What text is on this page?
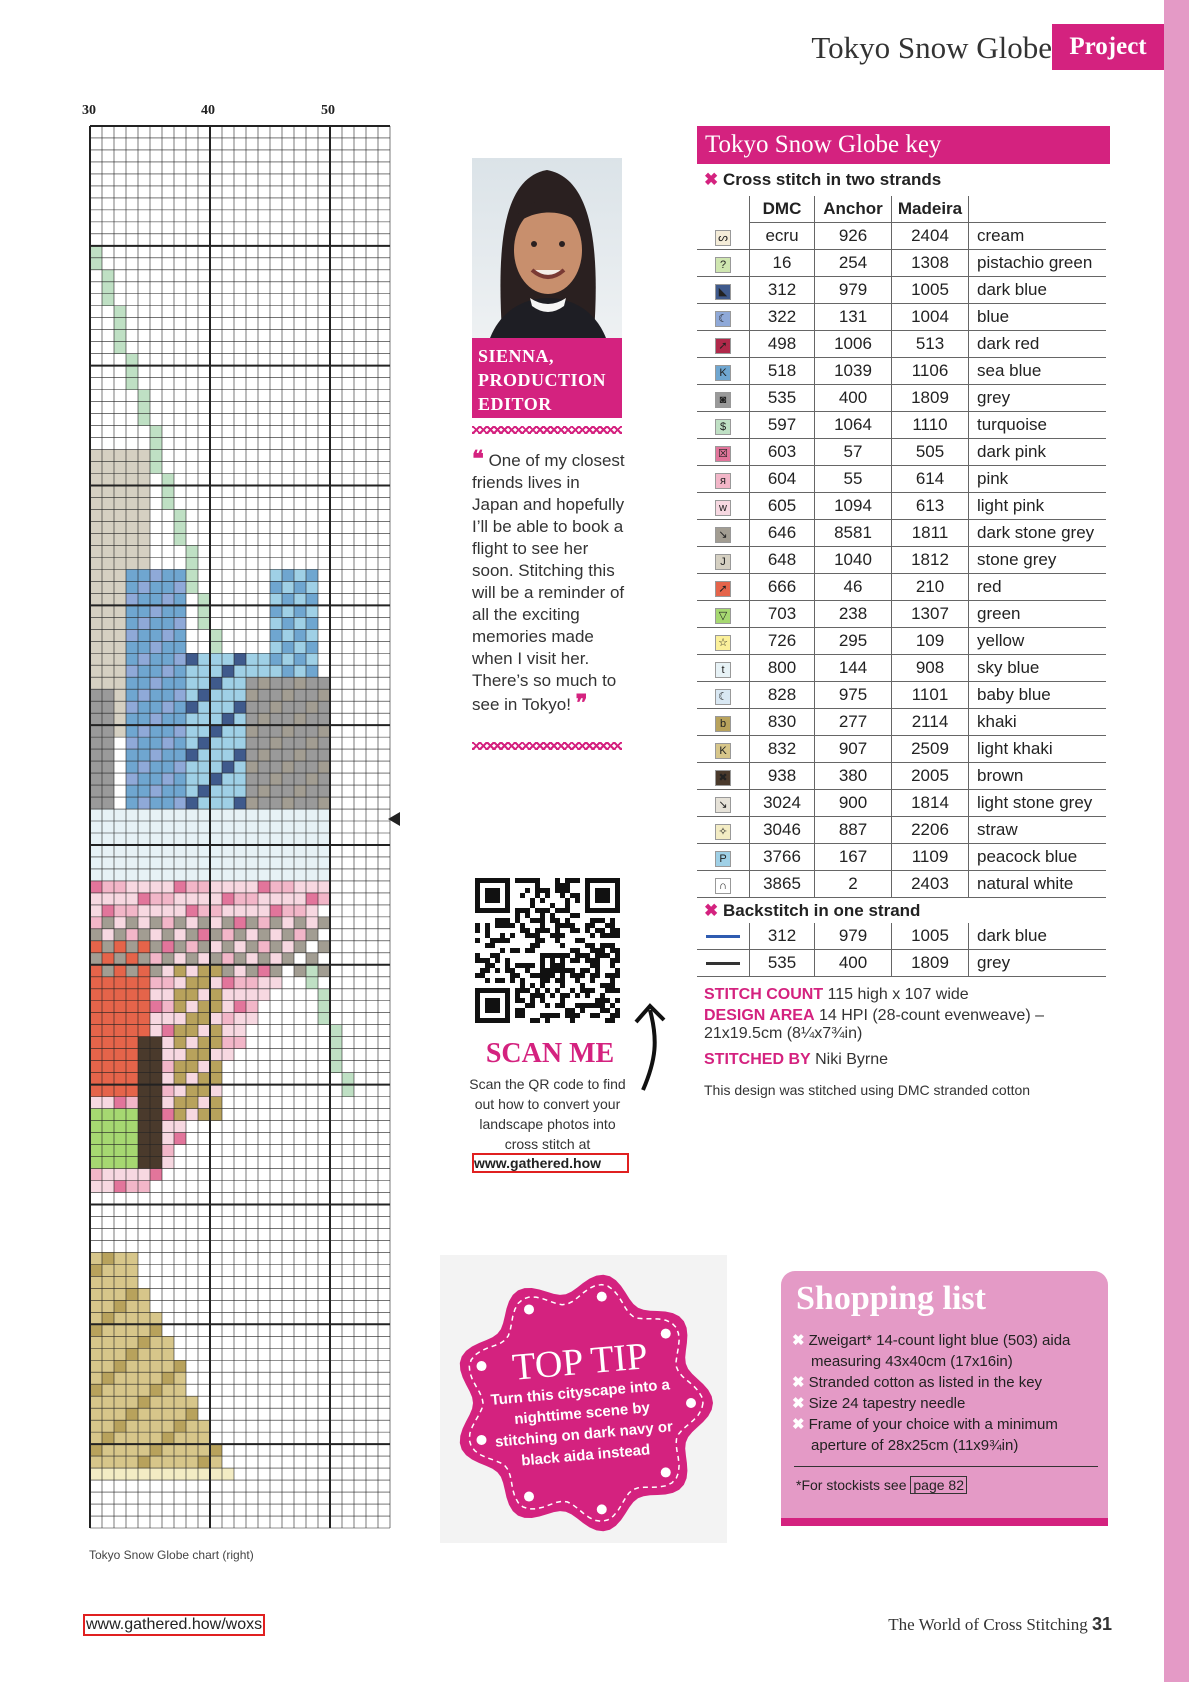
Tokyo Snow Globe Project
30	40	50
Tokyo Snow Globe chart (right)
SIENNA,
PRODUCTION
EDITOR
❝ One of my closest friends lives in Japan and hopefully I’ll be able to book a flight to see her soon. Stitching this will be a reminder of all the exciting memories made when I visit her. There’s so much to see in Tokyo! ❞
SCAN ME
Scan the QR code to find out how to convert your landscape photos into cross stitch at
www.gathered.how
Tokyo Snow Globe key
✖ Cross stitch in two strands
	DMC	Anchor	Madeira	
ᔕ	ecru	926	2404	cream
?	16	254	1308	pistachio green
◣	312	979	1005	dark blue
☾	322	131	1004	blue
➚	498	1006	513	dark red
K	518	1039	1106	sea blue
◙	535	400	1809	grey
$	597	1064	1110	turquoise
☒	603	57	505	dark pink
я	604	55	614	pink
w	605	1094	613	light pink
↘	646	8581	1811	dark stone grey
J	648	1040	1812	stone grey
➚	666	46	210	red
▽	703	238	1307	green
☆	726	295	109	yellow
t	800	144	908	sky blue
☾	828	975	1101	baby blue
b	830	277	2114	khaki
K	832	907	2509	light khaki
✖	938	380	2005	brown
↘	3024	900	1814	light stone grey
✧	3046	887	2206	straw
P	3766	167	1109	peacock blue
∩	3865	2	2403	natural white
✖ Backstitch in one strand
	312	979	1005	dark blue
	535	400	1809	grey
STITCH COUNT 115 high x 107 wide
DESIGN AREA 14 HPI (28-count evenweave) – 21x19.5cm (8¼x7¾in)
STITCHED BY Niki Byrne
This design was stitched using DMC stranded cotton
TOP TIP
Turn this cityscape into a nighttime scene by stitching on dark navy or black aida instead
Shopping list
✖ Zweigart* 14-count light blue (503) aida measuring 43x40cm (17x16in)
✖ Stranded cotton as listed in the key
✖ Size 24 tapestry needle
✖ Frame of your choice with a minimum aperture of 28x25cm (11x9¾in)
*For stockists see page 82
www.gathered.how/woxs	The World of Cross Stitching 31
